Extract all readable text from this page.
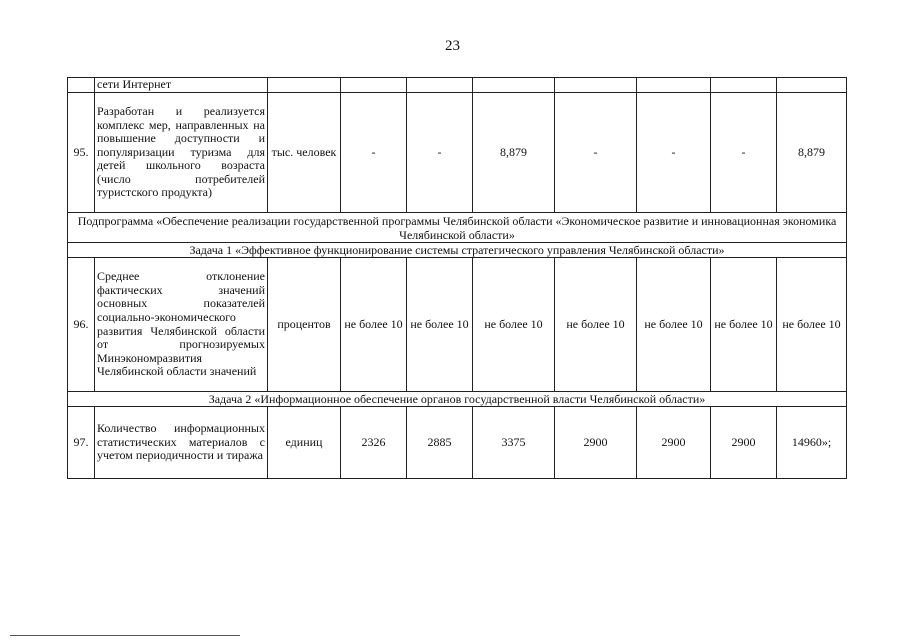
23
	сети Интернет								
95.	Разработан и реализуется комплекс мер, направленных на повышение доступности и популяризации туризма для детей школьного возраста (число потребителей туристского продукта)	тыс. человек	-	-	8,879	-	-	-	8,879
Подпрограмма «Обеспечение реализации государственной программы Челябинской области «Экономическое развитие и инновационная экономика Челябинской области»									
Задача 1 «Эффективное функционирование системы стратегического управления Челябинской области»									
96.	Среднее отклонение фактических значений основных показателей социально-экономического развития Челябинской области от прогнозируемых Минэкономразвития Челябинской области значений	процентов	не более 10	не более 10	не более 10	не более 10	не более 10	не более 10	не более 10
Задача 2 «Информационное обеспечение органов государственной власти Челябинской области»									
97.	Количество информационных статистических материалов с учетом периодичности и тиража	единиц	2326	2885	3375	2900	2900	2900	14960»;
